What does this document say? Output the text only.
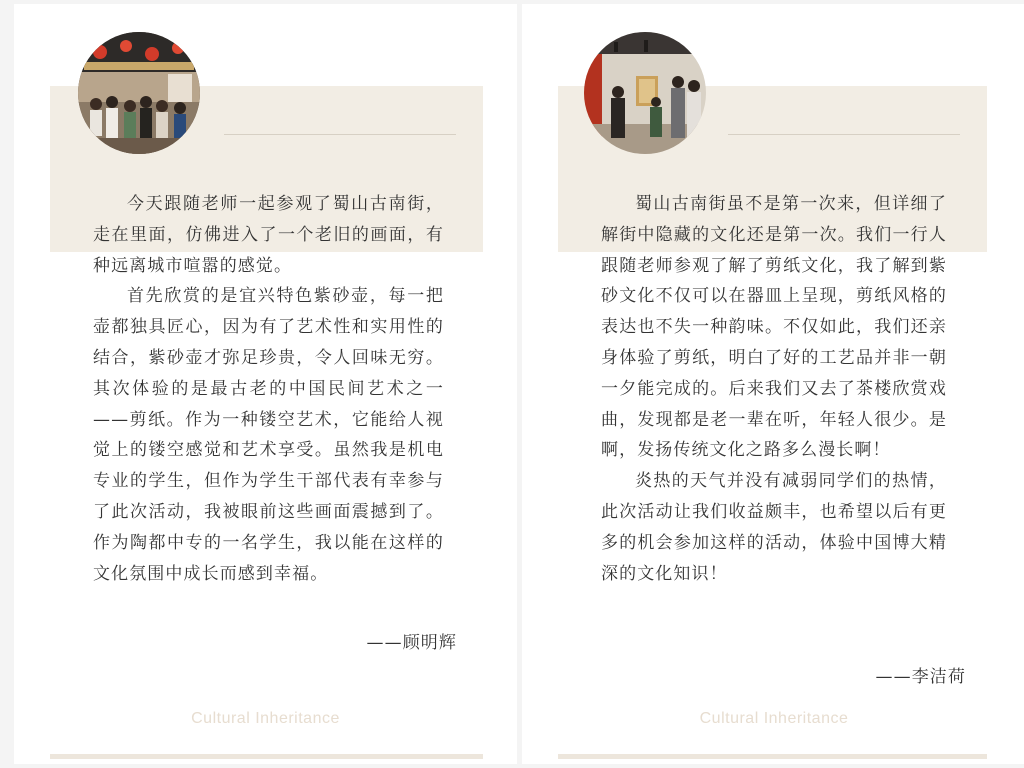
今天跟随老师一起参观了蜀山古南街，走在里面，仿佛进入了一个老旧的画面，有种远离城市喧嚣的感觉。

首先欣赏的是宜兴特色紫砂壶，每一把壶都独具匠心，因为有了艺术性和实用性的结合，紫砂壶才弥足珍贵，令人回味无穷。其次体验的是最古老的中国民间艺术之一 ——剪纸。作为一种镂空艺术，它能给人视觉上的镂空感觉和艺术享受。虽然我是机电专业的学生，但作为学生干部代表有幸参与了此次活动，我被眼前这些画面震撼到了。作为陶都中专的一名学生，我以能在这样的文化氛围中成长而感到幸福。

——顾明辉
Cultural Inheritance

蜀山古南街虽不是第一次来，但详细了解街中隐藏的文化还是第一次。我们一行人跟随老师参观了解了剪纸文化，我了解到紫砂文化不仅可以在器皿上呈现，剪纸风格的表达也不失一种韵味。不仅如此，我们还亲身体验了剪纸，明白了好的工艺品并非一朝一夕能完成的。后来我们又去了茶楼欣赏戏曲，发现都是老一辈在听，年轻人很少。是啊，发扬传统文化之路多么漫长啊！

炎热的天气并没有减弱同学们的热情，此次活动让我们收益颇丰，也希望以后有更多的机会参加这样的活动，体验中国博大精深的文化知识！

——李洁荷
Cultural Inheritance
